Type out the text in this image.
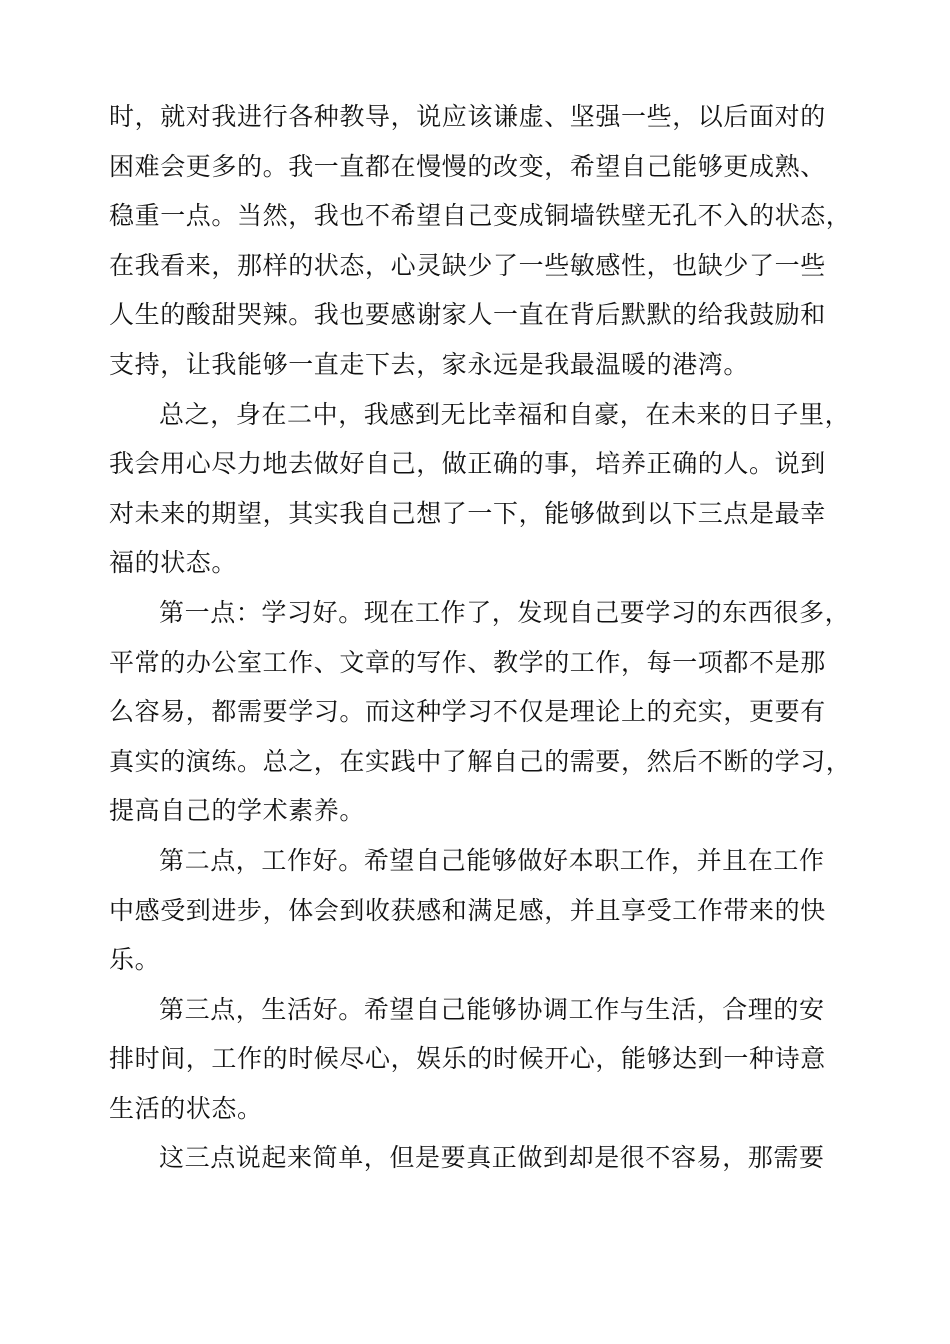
时，就对我进行各种教导，说应该谦虚、坚强一些，以后面对的
困难会更多的。我一直都在慢慢的改变，希望自己能够更成熟、
稳重一点。当然，我也不希望自己变成铜墙铁壁无孔不入的状态，
在我看来，那样的状态，心灵缺少了一些敏感性，也缺少了一些
人生的酸甜哭辣。我也要感谢家人一直在背后默默的给我鼓励和
支持，让我能够一直走下去，家永远是我最温暖的港湾。
总之，身在二中，我感到无比幸福和自豪，在未来的日子里，
我会用心尽力地去做好自己，做正确的事，培养正确的人。说到
对未来的期望，其实我自己想了一下，能够做到以下三点是最幸
福的状态。
第一点：学习好。现在工作了，发现自己要学习的东西很多，
平常的办公室工作、文章的写作、教学的工作，每一项都不是那
么容易，都需要学习。而这种学习不仅是理论上的充实，更要有
真实的演练。总之，在实践中了解自己的需要，然后不断的学习，
提高自己的学术素养。
第二点，工作好。希望自己能够做好本职工作，并且在工作
中感受到进步，体会到收获感和满足感，并且享受工作带来的快
乐。
第三点，生活好。希望自己能够协调工作与生活，合理的安
排时间，工作的时候尽心，娱乐的时候开心，能够达到一种诗意
生活的状态。
这三点说起来简单，但是要真正做到却是很不容易，那需要
